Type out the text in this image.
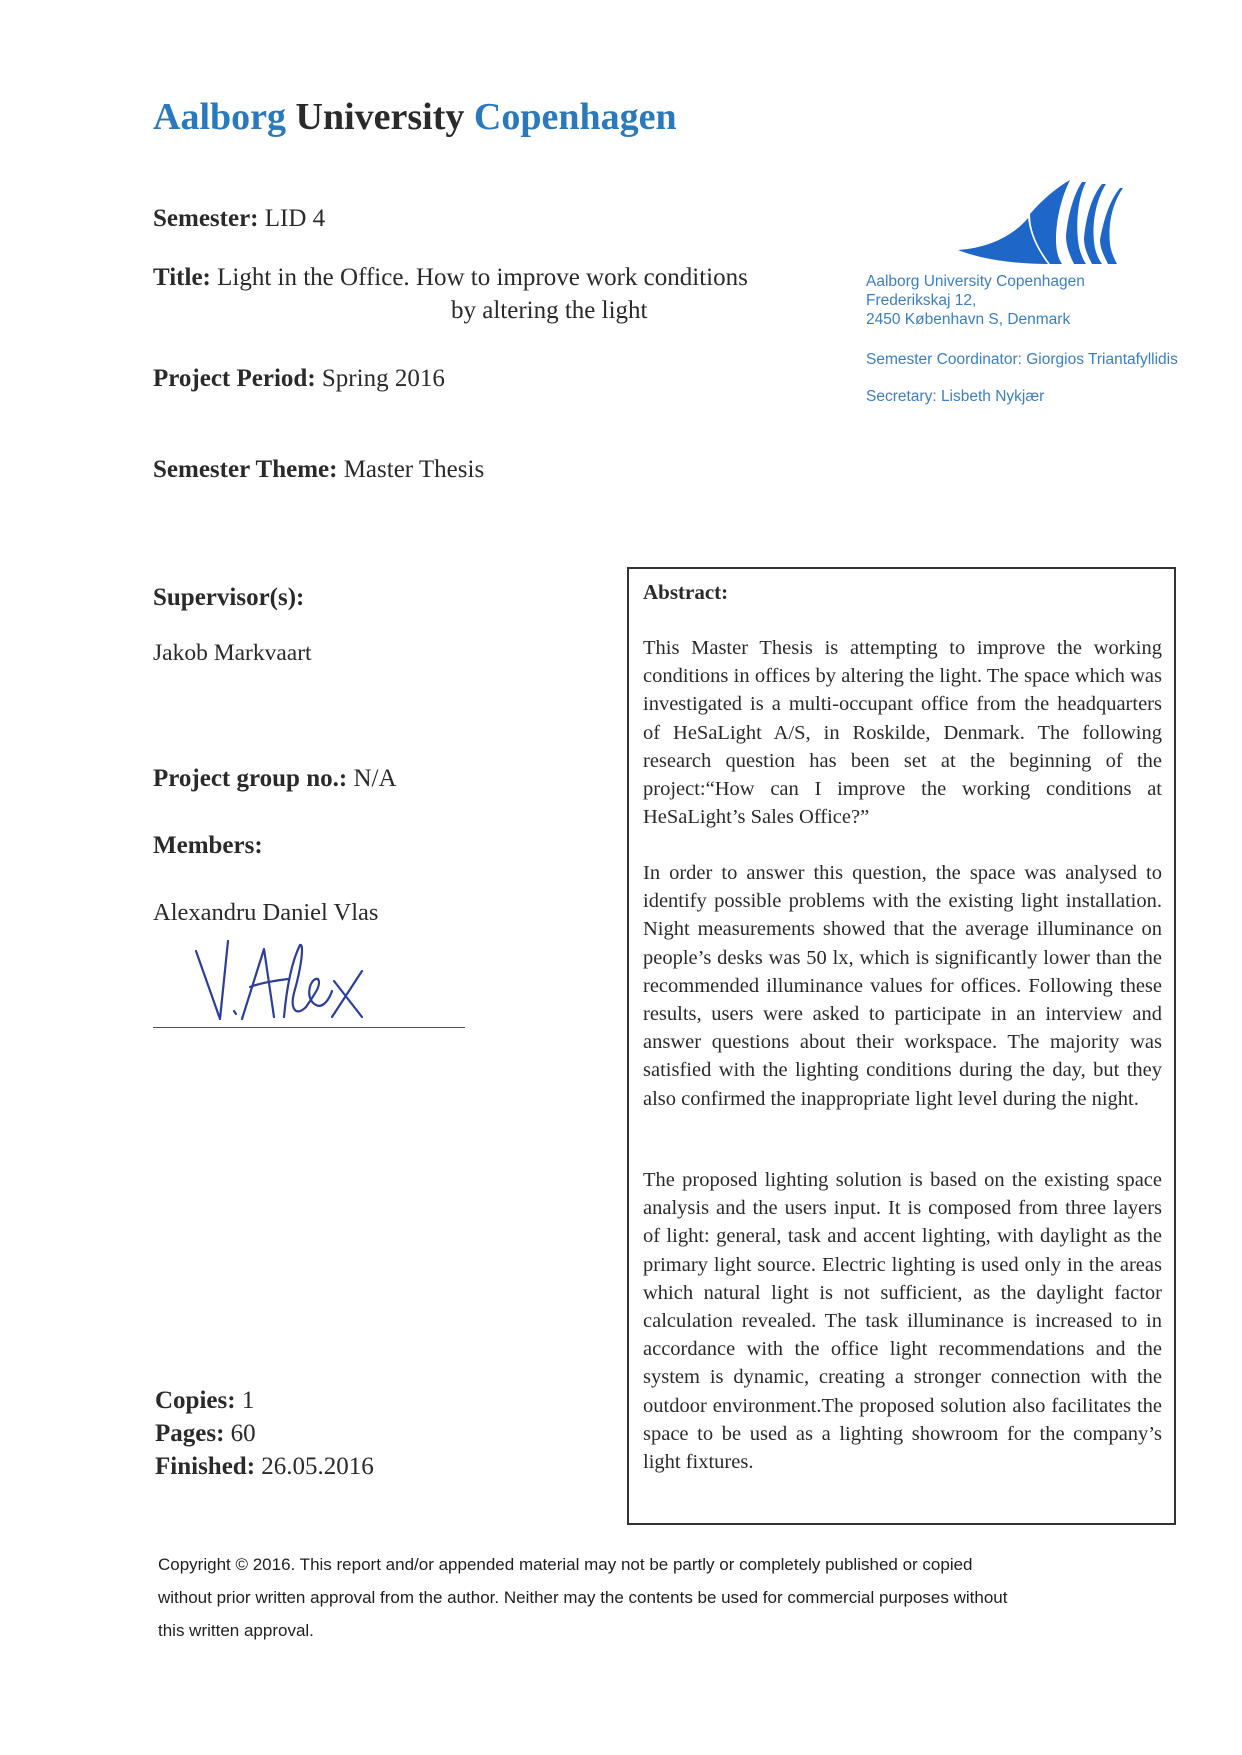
Aalborg University Copenhagen
Semester: LID 4
Title: Light in the Office. How to improve work conditions
by altering the light
Project Period: Spring 2016
Semester Theme: Master Thesis
Supervisor(s):
Jakob Markvaart
Project group no.: N/A
Members:
Alexandru Daniel Vlas
Copies: 1
Pages: 60
Finished: 26.05.2016
Aalborg University Copenhagen
Frederikskaj 12,
2450 København S, Denmark
Semester Coordinator: Giorgios Triantafyllidis
Secretary: Lisbeth Nykjær
Abstract:
This Master Thesis is attempting to improve the working conditions in offices by altering the light. The space which was investigated is a multi-occupant office from the headquarters of HeSaLight A/S, in Roskilde, Denmark. The following research question has been set at the beginning of the project:“How can I improve the working conditions at HeSaLight’s Sales Office?”
In order to answer this question, the space was analysed to identify possible problems with the existing light installation. Night measurements showed that the average illuminance on people’s desks was 50 lx, which is significantly lower than the recommended illuminance values for offices. Following these results, users were asked to participate in an interview and answer questions about their workspace. The majority was satisfied with the lighting conditions during the day, but they also confirmed the inappropriate light level during the night.
The proposed lighting solution is based on the existing space analysis and the users input. It is composed from three layers of light: general, task and accent lighting, with daylight as the primary light source. Electric lighting is used only in the areas which natural light is not sufficient, as the daylight factor calculation revealed. The task illuminance is increased to in accordance with the office light recommendations and the system is dynamic, creating a stronger connection with the outdoor environment.The proposed solution also facilitates the space to be used as a lighting showroom for the company’s light fixtures.
Copyright © 2016. This report and/or appended material may not be partly or completely published or copied
without prior written approval from the author. Neither may the contents be used for commercial purposes without
this written approval.
